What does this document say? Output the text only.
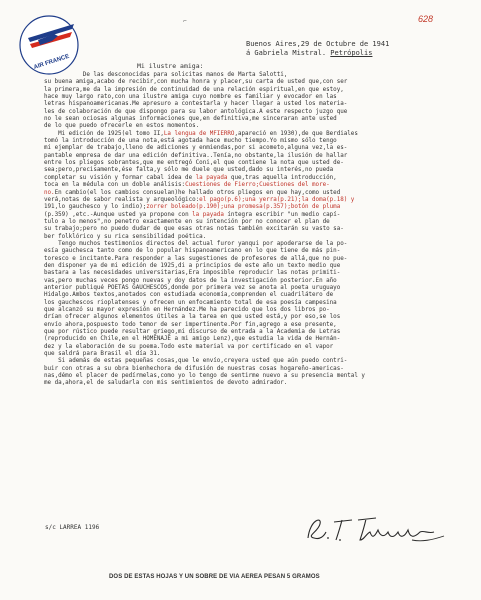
AIR FRANCE
628
⌐
Buenos Aires,29 de Octubre de 1941
á Gabriela Mistral. Petrópolis
Mi ilustre amiga:
De las desconocidas para solicitas manos de Marta Salotti,
su buena amiga,acabo de recibir,con mucha honra y placer,su carta de usted que,con ser
la primera,me da la impresión de continuidad de una relación espiritual,en que estoy,
hace muy largo rato,con una ilustre amiga cuyo nombre es familiar y evocador en las
letras hispanoamericanas.Me apresuro a contestarla y hacer llegar a usted los materia-
les de colaboración de que dispongo para su labor antológica.A este respecto juzgo que
no le sean ociosas algunas informaciones que,en definitiva,me sinceraran ante usted
de lo que puedo ofrecerle en estos momentos.
Mi edición de 1925(el tomo II,La lengua de MFIERRO,apareció en 1930),de que Berdiales
tomó la introducción de una nota,está agotada hace mucho tiempo.Yo mismo sólo tengo
mi ejemplar de trabajo,lleno de adiciones y enmiendas,por si acometo,alguna vez,la es-
pantable empresa de dar una edición definitiva..Tenía,no obstante,la ilusión de hallar
entre los pliegos sobrantes,que me entregó Coni,el que contiene la nota que usted de-
sea;pero,precisamente,ése falta,y sólo me duele que usted,dado su interés,no pueda
completar su visión y formar cabal idea de la payada que,tras aquella introducción,
toca en la médula con un doble análisis:Cuestiones de Fierro;Cuestiones del more-
no.En cambio(el los cambios consuelan)he hallado otros pliegos en que hay,como usted
verá,notas de sabor realista y arqueológico:el pago(p.6);una yerra(p.21);la doma(p.18) y
191,lo gauchesco y lo indio);zorrer boleado(p.190);una promesa(p.357);botón de pluma
(p.359) ,etc.-Aunque usted ya propone con la payada íntegra escribir "un medio capí-
tulo a lo menos",no penetro exactamente en su intención por no conocer el plan de
su trabajo;pero no puedo dudar de que esas otras notas también excitarán su vasto sa-
ber folklórico y su rica sensibilidad poética.
Tengo muchos testimonios directos del actual furor yanqui por apoderarse de la po-
esía gauchesca tanto como de lo popular hispanoamericano en lo que tiene de más pin-
toresco e incitante.Para responder a las sugestiones de profesores de allá,que no pue-
den disponer ya de mi edición de 1925,di a principios de este año un texto medio que
bastara a las necesidades universitarias,Era imposible reproducir las notas primiti-
vas,pero muchas veces pongo nuevas y doy datos de la investigación posterior.En año
anterior publiqué POETAS GAUCHESCOS,donde por primera vez se anota al poeta uruguayo
Hidalgo.Ambos textos,anotados con estudiada economía,comprenden el cuadrilátero de
los gauchescos rioplatenses y ofrecen un enfocamiento total de esa poesía campesina
que alcanzó su mayor expresión en Hernández.Me ha parecido que los dos libros po-
drían ofrecer algunos elementos útiles a la tarea en que usted está,y por eso,se los
envío ahora,pospuesto todo temor de ser impertinente.Por fin,agrego a ese presente,
que por rústico puede resultar griego,mi discurso de entrada a la Academia de Letras
(reproducido en Chile,en el HOMENAJE a mi amigo Lenz),que estudia la vida de Hernán-
dez y la elaboración de su poema.Todo este material va por certificado en el vapor
que saldrá para Brasil el día 31.
Si además de estas pequeñas cosas,que le envío,creyera usted que aún puedo contri-
buir con otras a su obra bienhechora de difusión de nuestras cosas hogareño-americas-
nas,démo el placer de pedírmelas,como yo lo tengo de sentirme nuevo a su presencia mental y
me da,ahora,el de saludarla con mis sentimientos de devoto admirador.
s/c LARREA 1196
DOS DE ESTAS HOJAS Y UN SOBRE DE VIA AEREA PESAN 5 GRAMOS
